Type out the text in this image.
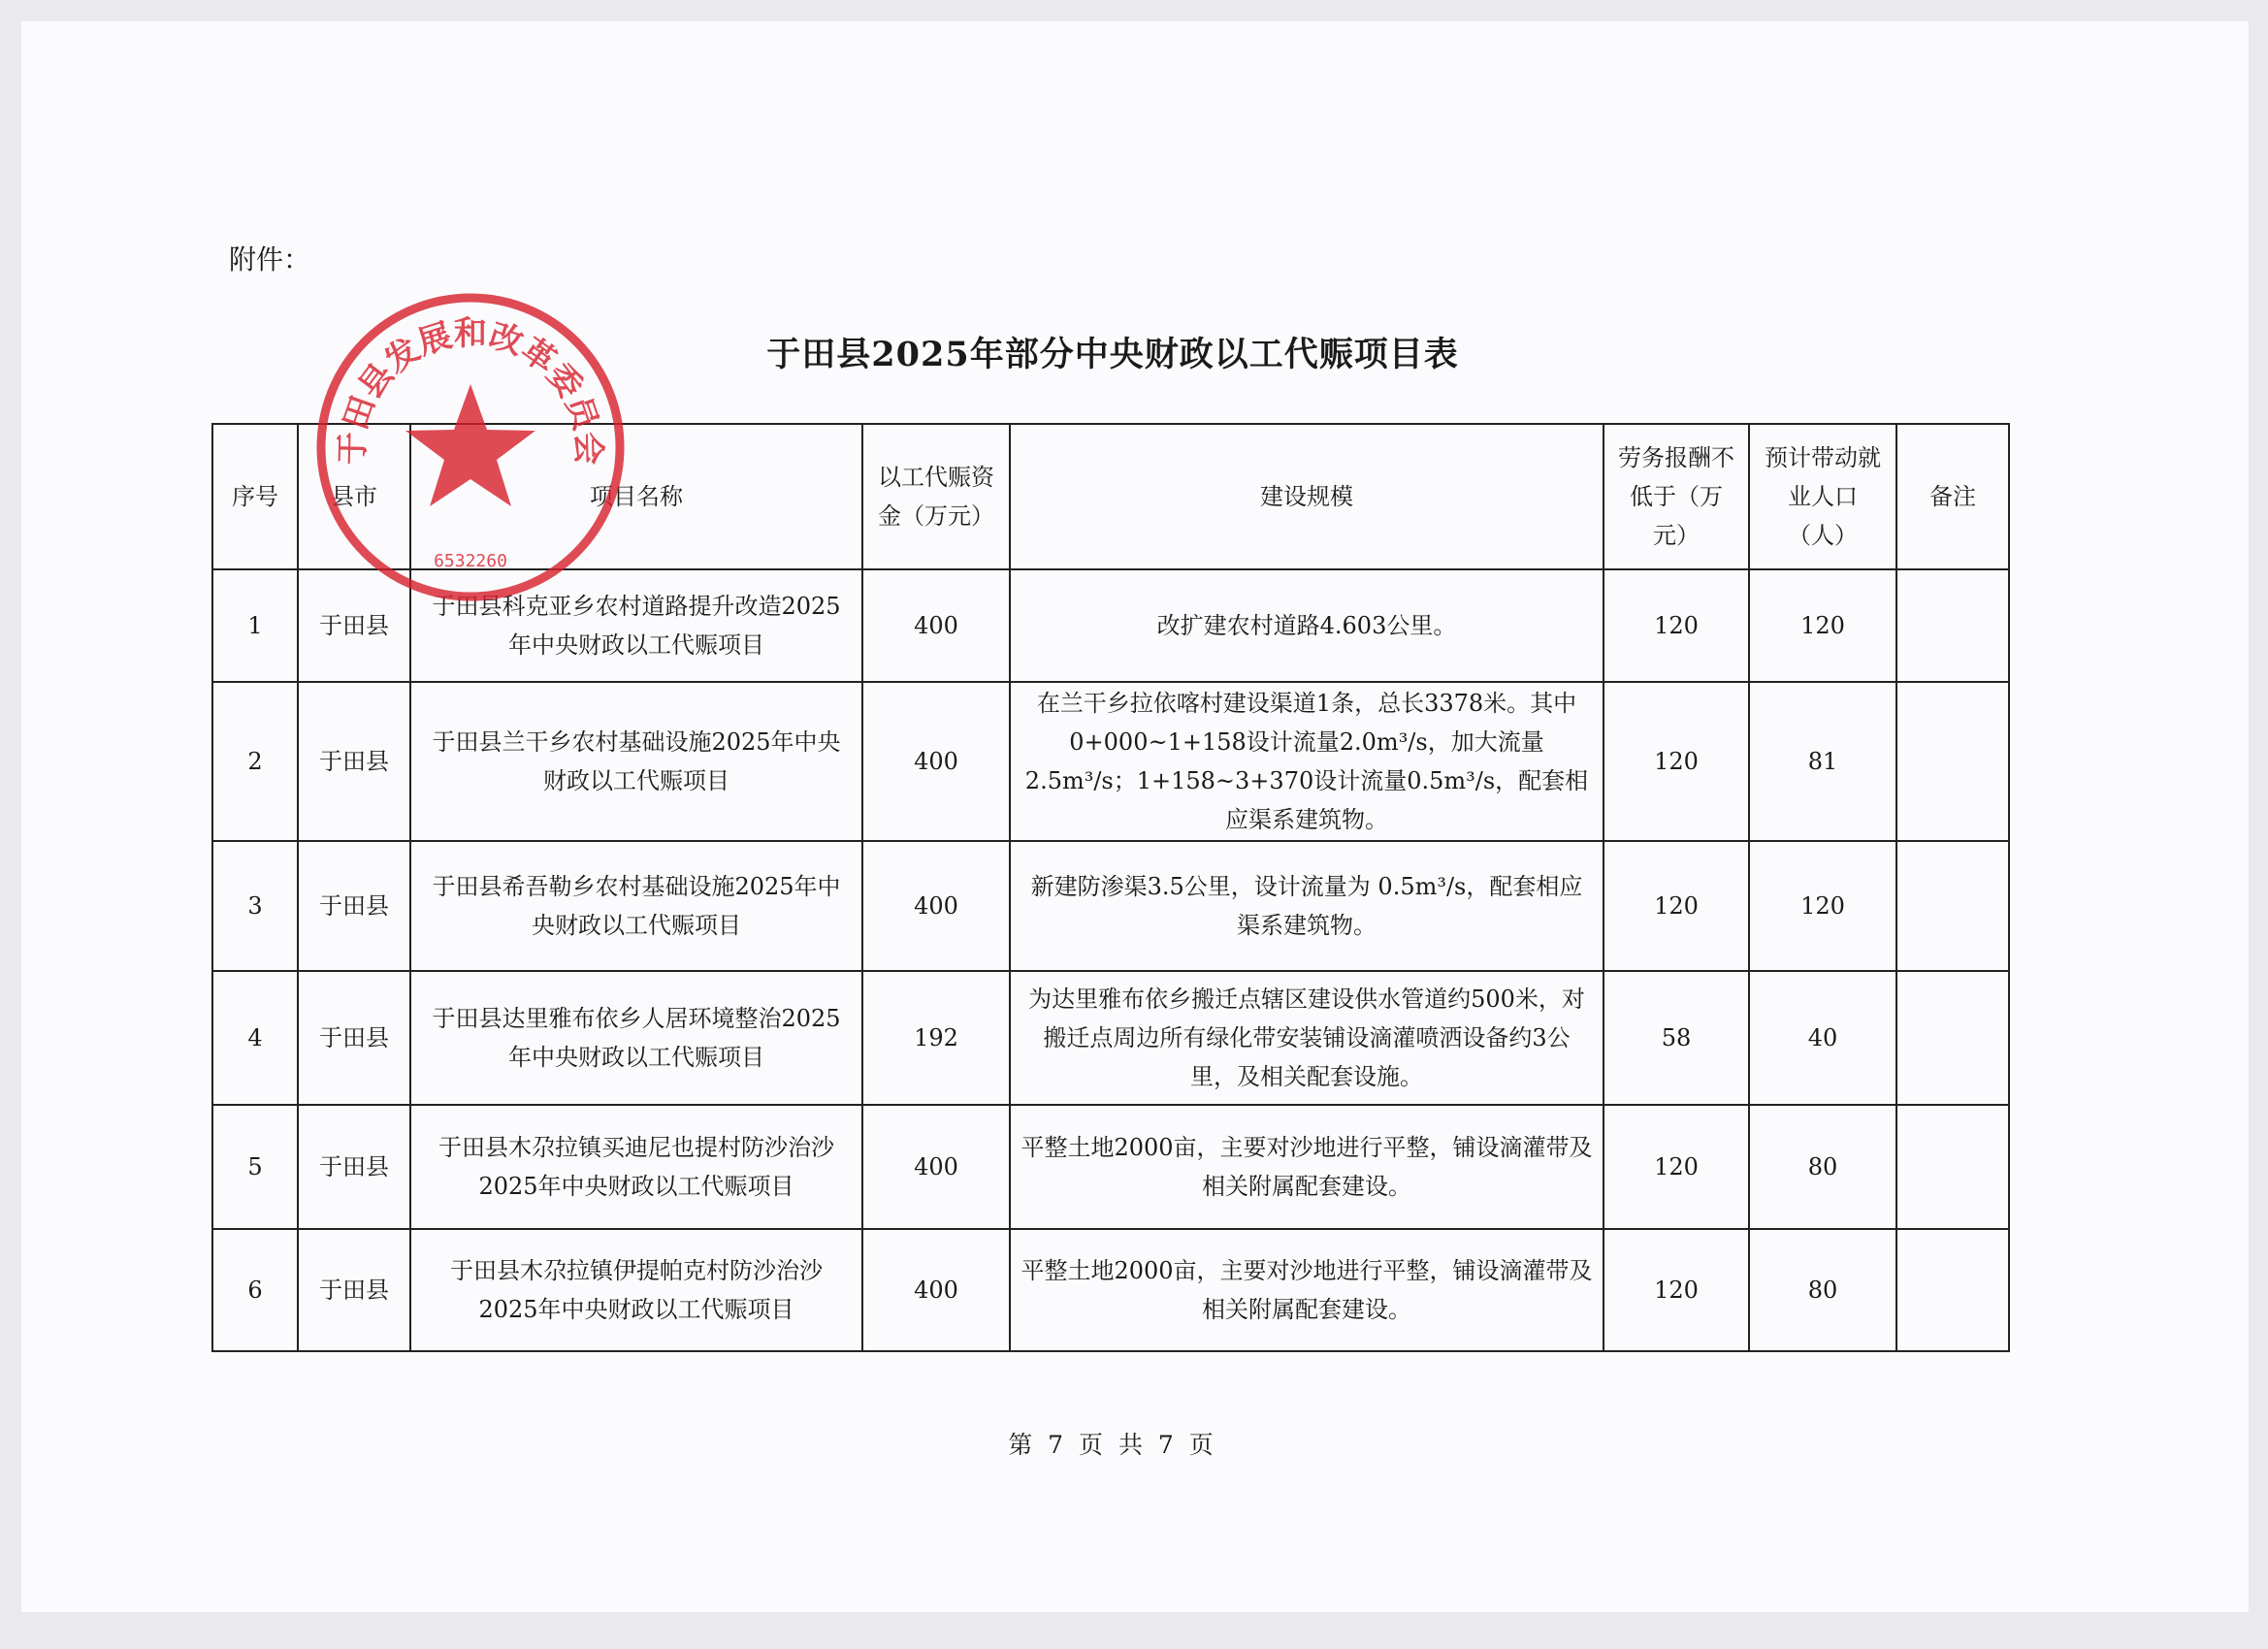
附件：
于田县2025年部分中央财政以工代赈项目表
序号	县市	项目名称	以工代赈资金（万元）	建设规模	劳务报酬不低于（万元）	预计带动就业人口（人）	备注
1	于田县	于田县科克亚乡农村道路提升改造2025年中央财政以工代赈项目	400	改扩建农村道路4.603公里。	120	120	
2	于田县	于田县兰干乡农村基础设施2025年中央财政以工代赈项目	400	在兰干乡拉依喀村建设渠道1条，总长3378米。其中0+000~1+158设计流量2.0m³/s，加大流量2.5m³/s；1+158~3+370设计流量0.5m³/s，配套相应渠系建筑物。	120	81	
3	于田县	于田县希吾勒乡农村基础设施2025年中央财政以工代赈项目	400	新建防渗渠3.5公里，设计流量为 0.5m³/s，配套相应渠系建筑物。	120	120	
4	于田县	于田县达里雅布依乡人居环境整治2025年中央财政以工代赈项目	192	为达里雅布依乡搬迁点辖区建设供水管道约500米，对搬迁点周边所有绿化带安装铺设滴灌喷洒设备约3公里，及相关配套设施。	58	40	
5	于田县	于田县木尕拉镇买迪尼也提村防沙治沙2025年中央财政以工代赈项目	400	平整土地2000亩，主要对沙地进行平整，铺设滴灌带及相关附属配套建设。	120	80	
6	于田县	于田县木尕拉镇伊提帕克村防沙治沙2025年中央财政以工代赈项目	400	平整土地2000亩，主要对沙地进行平整，铺设滴灌带及相关附属配套建设。	120	80	
第 7 页 共 7 页
于田县发展和改革委员会
6532260
